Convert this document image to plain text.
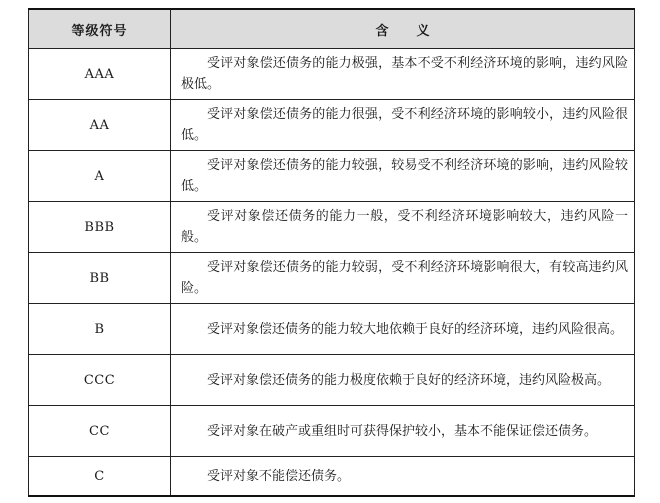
等级符号	含义
AAA	受评对象偿还债务的能力极强，基本不受不利经济环境的影响，违约风险极低。
AA	受评对象偿还债务的能力很强，受不利经济环境的影响较小，违约风险很低。
A	受评对象偿还债务的能力较强，较易受不利经济环境的影响，违约风险较低。
BBB	受评对象偿还债务的能力一般，受不利经济环境影响较大，违约风险一般。
BB	受评对象偿还债务的能力较弱，受不利经济环境影响很大，有较高违约风险。
B	受评对象偿还债务的能力较大地依赖于良好的经济环境，违约风险很高。
CCC	受评对象偿还债务的能力极度依赖于良好的经济环境，违约风险极高。
CC	受评对象在破产或重组时可获得保护较小，基本不能保证偿还债务。
C	受评对象不能偿还债务。
